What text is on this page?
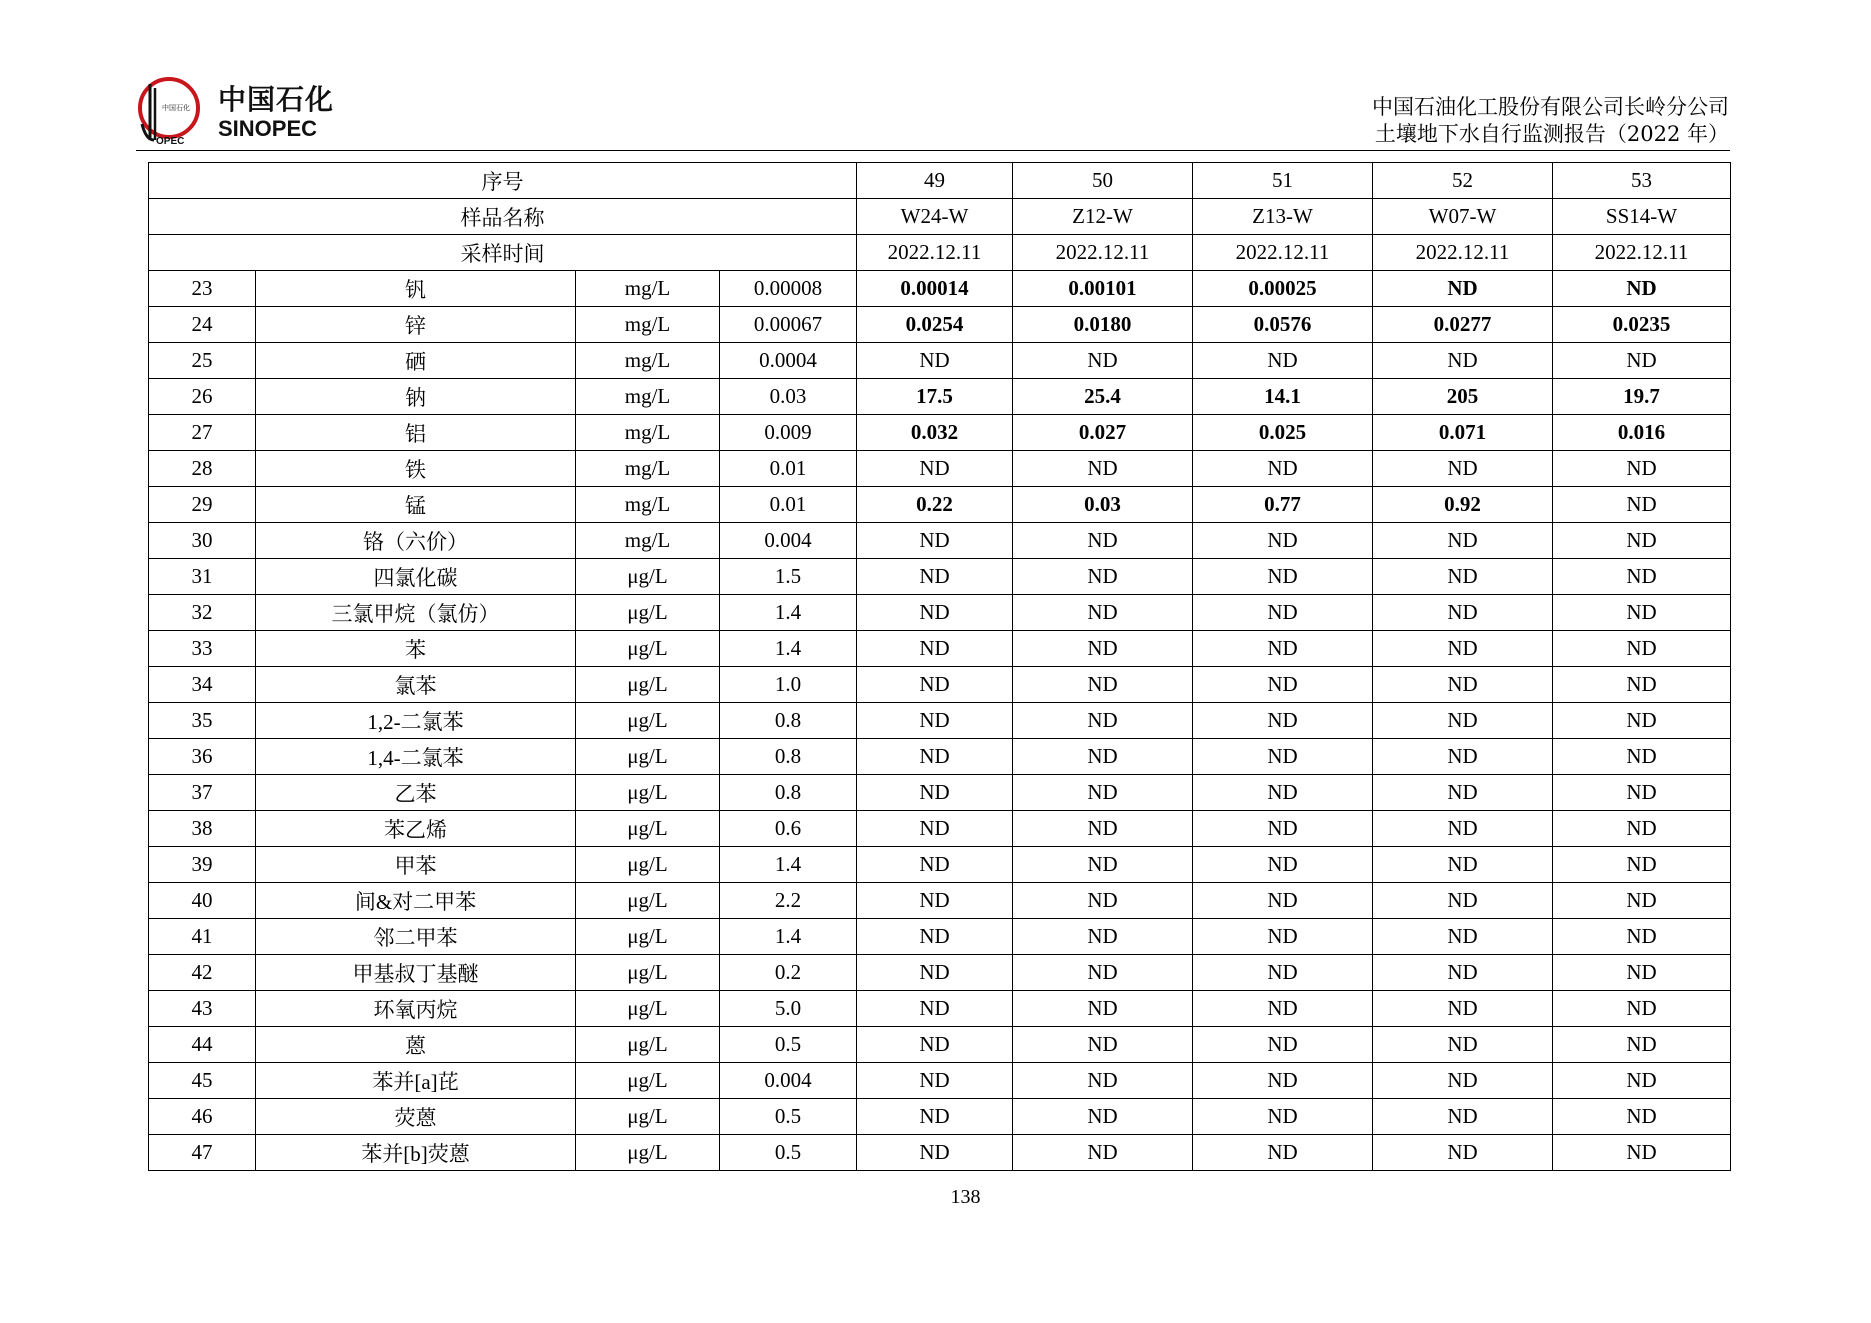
中国石化
OPEC
中国石化
SINOPEC
中国石油化工股份有限公司长岭分公司
土壤地下水自行监测报告（2022 年）
序号				49	50	51	52	53
样品名称				W24-W	Z12-W	Z13-W	W07-W	SS14-W
采样时间				2022.12.11	2022.12.11	2022.12.11	2022.12.11	2022.12.11
23	钒	mg/L	0.00008	0.00014	0.00101	0.00025	ND	ND
24	锌	mg/L	0.00067	0.0254	0.0180	0.0576	0.0277	0.0235
25	硒	mg/L	0.0004	ND	ND	ND	ND	ND
26	钠	mg/L	0.03	17.5	25.4	14.1	205	19.7
27	铝	mg/L	0.009	0.032	0.027	0.025	0.071	0.016
28	铁	mg/L	0.01	ND	ND	ND	ND	ND
29	锰	mg/L	0.01	0.22	0.03	0.77	0.92	ND
30	铬（六价）	mg/L	0.004	ND	ND	ND	ND	ND
31	四氯化碳	μg/L	1.5	ND	ND	ND	ND	ND
32	三氯甲烷（氯仿）	μg/L	1.4	ND	ND	ND	ND	ND
33	苯	μg/L	1.4	ND	ND	ND	ND	ND
34	氯苯	μg/L	1.0	ND	ND	ND	ND	ND
35	1,2-二氯苯	μg/L	0.8	ND	ND	ND	ND	ND
36	1,4-二氯苯	μg/L	0.8	ND	ND	ND	ND	ND
37	乙苯	μg/L	0.8	ND	ND	ND	ND	ND
38	苯乙烯	μg/L	0.6	ND	ND	ND	ND	ND
39	甲苯	μg/L	1.4	ND	ND	ND	ND	ND
40	间&对二甲苯	μg/L	2.2	ND	ND	ND	ND	ND
41	邻二甲苯	μg/L	1.4	ND	ND	ND	ND	ND
42	甲基叔丁基醚	μg/L	0.2	ND	ND	ND	ND	ND
43	环氧丙烷	μg/L	5.0	ND	ND	ND	ND	ND
44	蒽	μg/L	0.5	ND	ND	ND	ND	ND
45	苯并[a]芘	μg/L	0.004	ND	ND	ND	ND	ND
46	荧蒽	μg/L	0.5	ND	ND	ND	ND	ND
47	苯并[b]荧蒽	μg/L	0.5	ND	ND	ND	ND	ND
138
